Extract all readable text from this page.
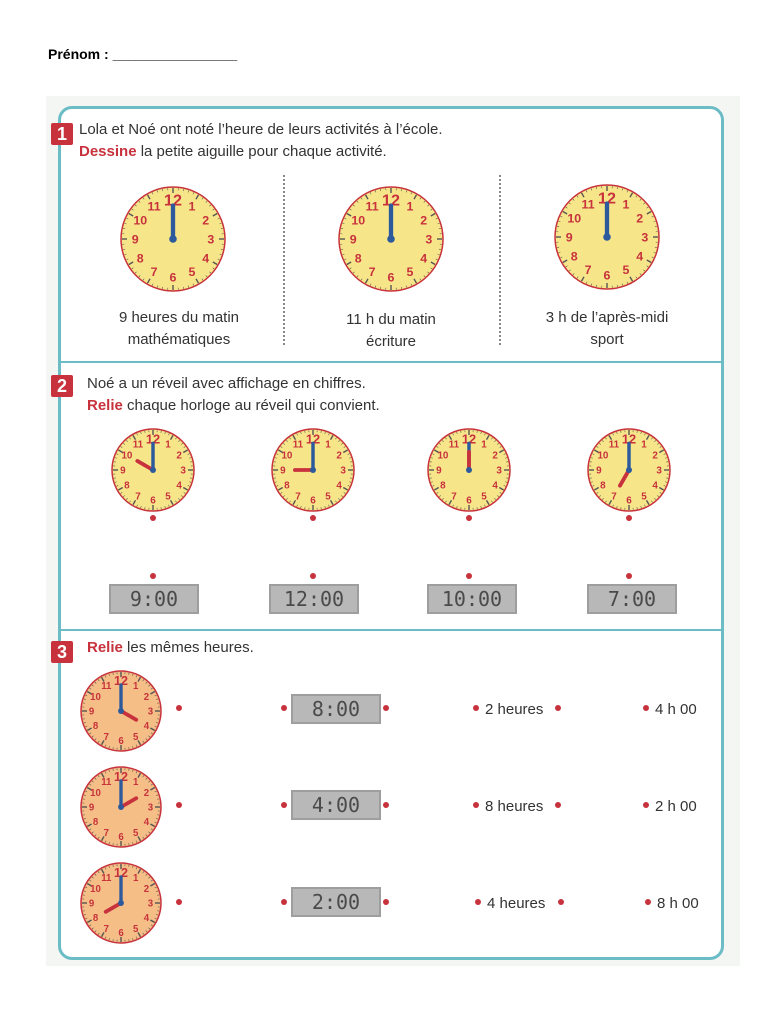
Prénom : ________________
1 Lola et Noé ont noté l’heure de leurs activités à l’école.
Dessine la petite aiguille pour chaque activité.
1
2
3
4
5
6
7
8
9
10
11 12	1
2
3
4
5
6
7
8
9
10
11 12	1
2
3
4
5
6
7
8
9
10
11 12
9 heures du matin
mathématiques
11 h du matin
écriture
3 h de l’après-midi
sport
2	Noé a un réveil avec affichage en chiffres.
Relie chaque horloge au réveil qui convient.
1
2
3
4
5
6
7
8
9
10
11 12	1
2
3
4
5
6
7
8
9
10
11 12	1
2
3
4
5
6
7
8
9
10
11 12	1
2
3
4
5
6
7
8
9
10
11 12
9:00	12:00	10:00	7:00
3	Relie les mêmes heures.
1
2
3
4
5
6
7
8
9
10
11 12
8:00	2 heures	4 h 00
1
2
3
4
5
6
7
8
9
10
11 12
4:00	8 heures	2 h 00
1
2
3
4
5
6
7
8
9
10
11 12
2:00	4 heures	8 h 00
